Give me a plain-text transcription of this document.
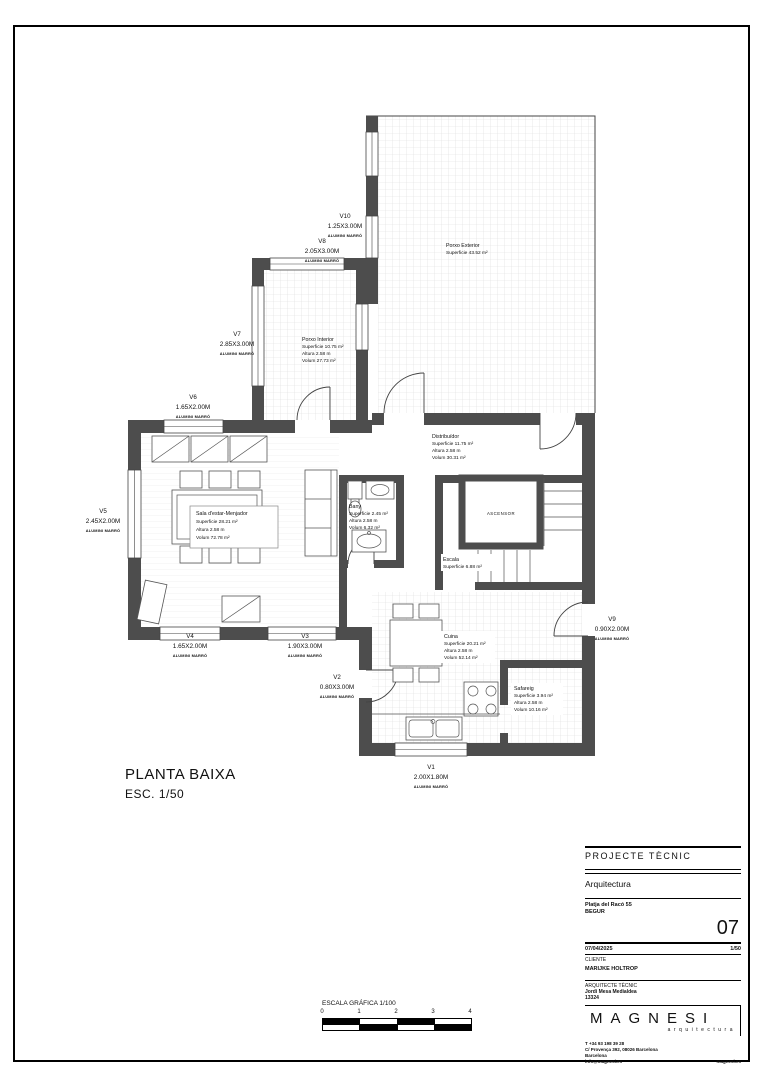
ASCENSOR
Porxo Exterior
Superficie 43.52 m²
Porxo Interior
Superficie 10.75 m²
Altura 2.58 m
Volum 27.73 m²
Distribuïdor
Superficie 11.75 m²
Altura 2.58 m
Volum 30.31 m²
Bany
Superficie 2.45 m²
Altura 2.58 m
Volum 6.32 m²
Sala d'estar-Menjador
Superficie 28.21 m²
Altura 2.58 m
Volum 72.78 m²
Escala
Superficie 6.88 m²
Cuina
Superficie 20.21 m²
Altura 2.58 m
Volum 52.14 m²
Safareig
Superficie 3.94 m²
Altura 2.58 m
Volum 10.16 m²
V1
2.00X1.80M
ALUMINI MARRÓ
V2
0.80X3.00M
ALUMINI MARRÓ
V3
1.90X3.00M
ALUMINI MARRÓ
V4
1.65X2.00M
ALUMINI MARRÓ
V5
2.45X2.00M
ALUMINI MARRÓ
V6
1.65X2.00M
ALUMINI MARRÓ
V7
2.85X3.00M
ALUMINI MARRÓ
V8
2.05X3.00M
ALUMINI MARRÓ
V9
0.90X2.00M
ALUMINI MARRÓ
V10
1.25X3.00M
ALUMINI MARRÓ
PLANTA BAIXA
ESC. 1/50
ESCALA GRÁFICA 1/100
0	1	2	3	4
PROJECTE TÈCNIC
Arquitectura
Platja del Racó 55
BEGUR
07
07/04/2025	1/50
CLIENTE
MARIJKE HOLTROP
ARQUITECTE TÈCNIC
Jordi Mesa Medialdea
13324
MAGNESI
arquitectura
T +34 93 198 39 28
C/ Provença 392, 08026 Barcelona
Barcelona
info@magnesi.es	magnesi.es
